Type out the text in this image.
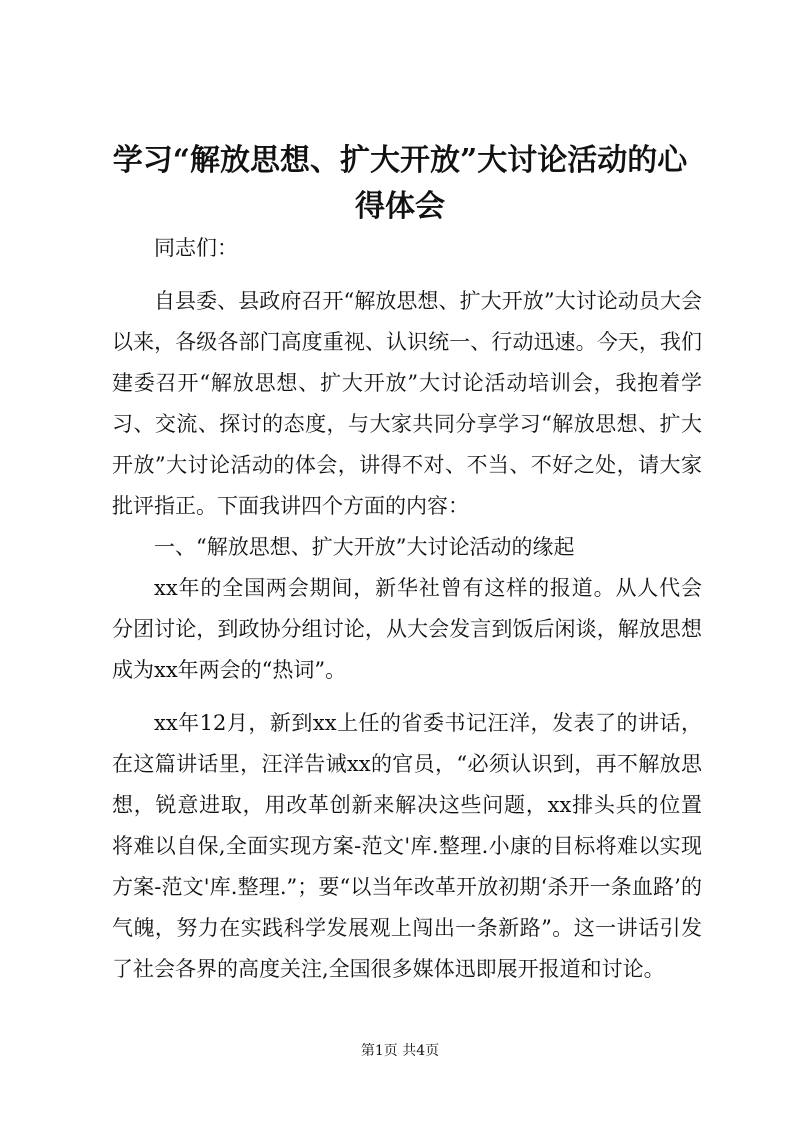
学习“解放思想、扩大开放”大讨论活动的心得体会

同志们：

自县委、县政府召开“解放思想、扩大开放”大讨论动员大会以来，各级各部门高度重视、认识统一、行动迅速。今天，我们建委召开“解放思想、扩大开放”大讨论活动培训会，我抱着学习、交流、探讨的态度，与大家共同分享学习“解放思想、扩大开放”大讨论活动的体会，讲得不对、不当、不好之处，请大家批评指正。下面我讲四个方面的内容：

一、“解放思想、扩大开放”大讨论活动的缘起

xx年的全国两会期间，新华社曾有这样的报道。从人代会分团讨论，到政协分组讨论，从大会发言到饭后闲谈，解放思想成为xx年两会的“热词”。

xx年12月，新到xx上任的省委书记汪洋，发表了的讲话，在这篇讲话里，汪洋告诫xx的官员，“必须认识到，再不解放思想，锐意进取，用改革创新来解决这些问题，xx排头兵的位置将难以自保,全面实现方案-范文'库.整理.小康的目标将难以实现方案-范文'库.整理.”；要“以当年改革开放初期‘杀开一条血路’的气魄，努力在实践科学发展观上闯出一条新路”。这一讲话引发了社会各界的高度关注,全国很多媒体迅即展开报道和讨论。

第1页 共4页
